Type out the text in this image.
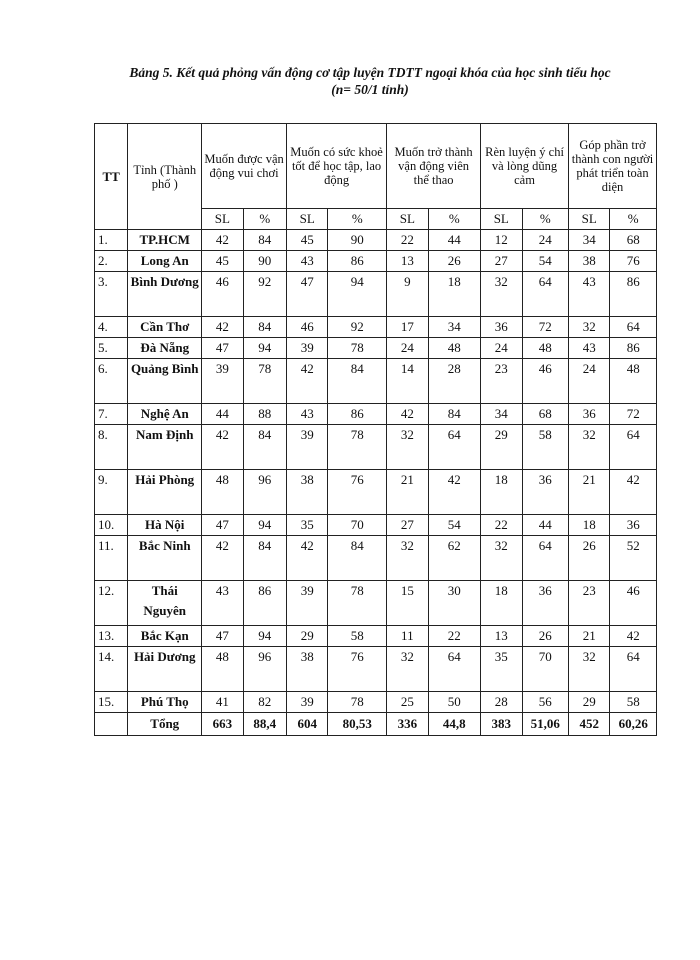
Bảng 5. Kết quả phỏng vấn động cơ tập luyện TDTT ngoại khóa của học sinh tiểu học
(n= 50/1 tỉnh)
TT	Tỉnh (Thành phố )	Muốn được vận động vui chơi		Muốn có sức khoẻ tốt để học tập, lao động		Muốn trở thành vận động viên thể thao		Rèn luyện ý chí và lòng dũng cảm		Góp phần trở thành con người phát triển toàn diện	
		SL	%	SL	%	SL	%	SL	%	SL	%
1.	TP.HCM	42	84	45	90	22	44	12	24	34	68
2.	Long An	45	90	43	86	13	26	27	54	38	76
3.	Bình Dương	46	92	47	94	9	18	32	64	43	86
4.	Cần Thơ	42	84	46	92	17	34	36	72	32	64
5.	Đà Nẵng	47	94	39	78	24	48	24	48	43	86
6.	Quảng Bình	39	78	42	84	14	28	23	46	24	48
7.	Nghệ An	44	88	43	86	42	84	34	68	36	72
8.	Nam Định	42	84	39	78	32	64	29	58	32	64
9.	Hải Phòng	48	96	38	76	21	42	18	36	21	42
10.	Hà Nội	47	94	35	70	27	54	22	44	18	36
11.	Bắc Ninh	42	84	42	84	32	62	32	64	26	52
12.	Thái Nguyên	43	86	39	78	15	30	18	36	23	46
13.	Bắc Kạn	47	94	29	58	11	22	13	26	21	42
14.	Hải Dương	48	96	38	76	32	64	35	70	32	64
15.	Phú Thọ	41	82	39	78	25	50	28	56	29	58
	Tổng	663	88,4	604	80,53	336	44,8	383	51,06	452	60,26
